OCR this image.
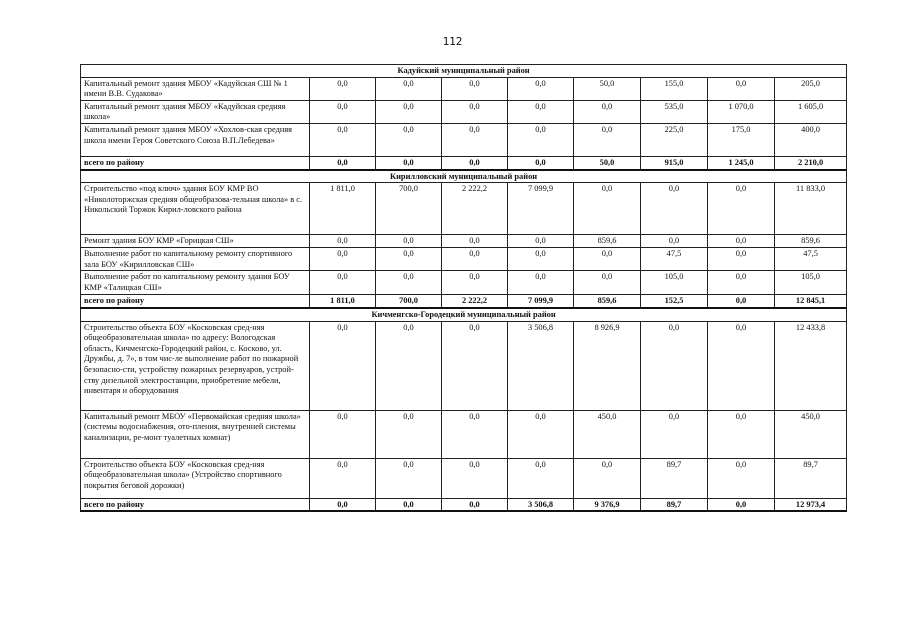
112
Кадуйский муниципальный район								
Капитальный ремонт здания МБОУ «Кадуйская СШ № 1 имени В.В. Судакова»	0,0	0,0	0,0	0,0	50,0	155,0	0,0	205,0
Капитальный ремонт здания МБОУ «Кадуйская средняя школа»	0,0	0,0	0,0	0,0	0,0	535,0	1 070,0	1 605,0
Капитальный ремонт здания МБОУ «Хохлов-ская средняя школа имени Героя Советского Союза В.П.Лебедева»	0,0	0,0	0,0	0,0	0,0	225,0	175,0	400,0
всего по району	0,0	0,0	0,0	0,0	50,0	915,0	1 245,0	2 210,0
Кирилловский муниципальный район								
Строительство «под ключ» здания БОУ КМР ВО «Николоторжская средняя общеобразова-тельная школа» в с. Никольский Торжок Кирил-ловского района	1 811,0	700,0	2 222,2	7 099,9	0,0	0,0	0,0	11 833,0
Ремонт здания БОУ КМР «Горицкая СШ»	0,0	0,0	0,0	0,0	859,6	0,0	0,0	859,6
Выполнение работ по капитальному ремонту спортивного зала БОУ «Кирилловская СШ»	0,0	0,0	0,0	0,0	0,0	47,5	0,0	47,5
Выполнение работ по капитальному ремонту здания БОУ КМР «Талицкая СШ»	0,0	0,0	0,0	0,0	0,0	105,0	0,0	105,0
всего по району	1 811,0	700,0	2 222,2	7 099,9	859,6	152,5	0,0	12 845,1
Кичменгско-Городецкий муниципальный район								
Строительство объекта БОУ «Косковская сред-няя общеобразовательная школа» по адресу: Вологодская область, Кичменгско-Городецкий район, с. Косково, ул. Дружбы, д. 7», в том чис-ле выполнение работ по пожарной безопасно-сти, устройству пожарных резервуаров, устрой-ству дизельной электростанции, приобретение мебели, инвентаря и оборудования	0,0	0,0	0,0	3 506,8	8 926,9	0,0	0,0	12 433,8
Капитальный ремонт МБОУ «Первомайская средняя школа» (системы водоснабжения, ото-пления, внутренней системы канализации, ре-монт туалетных комнат)	0,0	0,0	0,0	0,0	450,0	0,0	0,0	450,0
Строительство объекта БОУ «Косковская сред-няя общеобразовательная школа» (Устройство спортивного покрытия беговой дорожки)	0,0	0,0	0,0	0,0	0,0	89,7	0,0	89,7
всего по району	0,0	0,0	0,0	3 506,8	9 376,9	89,7	0,0	12 973,4
